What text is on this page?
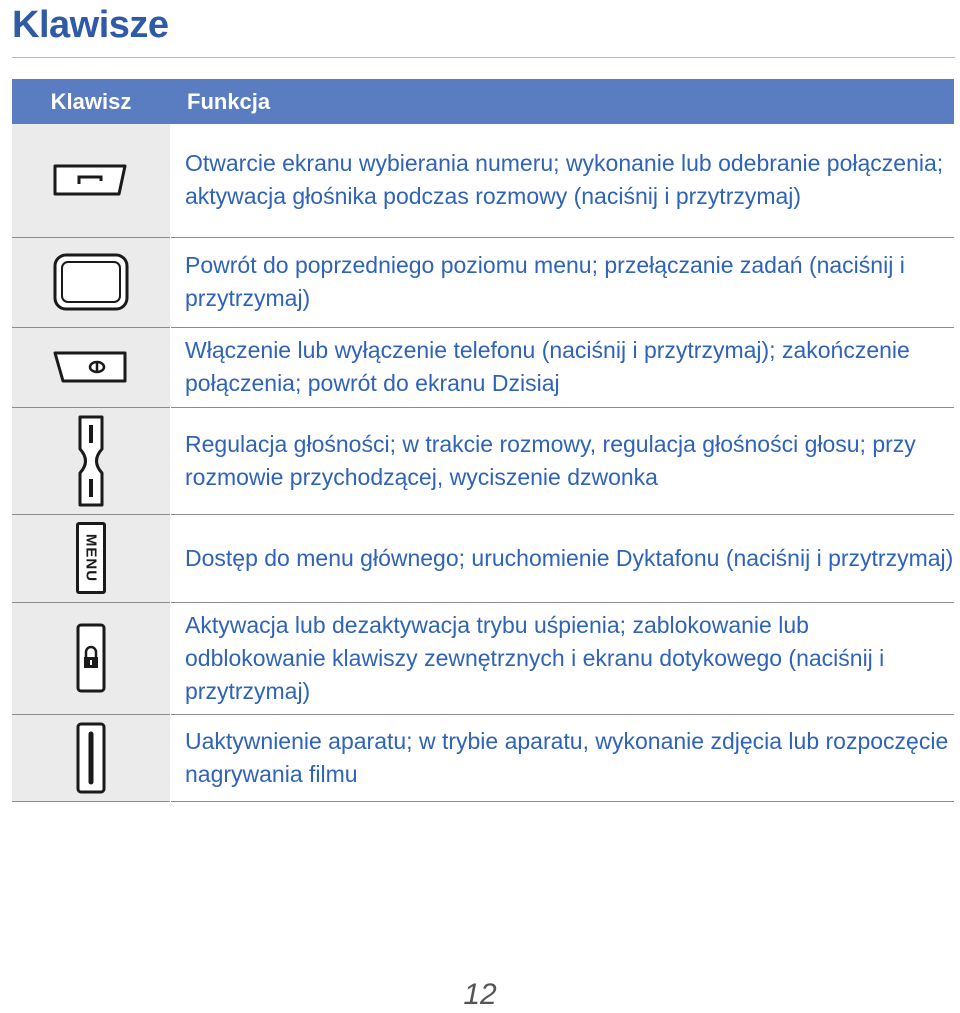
Klawisze
Klawisz		Funkcja

		Otwarcie ekranu wybierania numeru; wykonanie lub odebranie połączenia; aktywacja głośnika podczas rozmowy (naciśnij i przytrzymaj)

		Powrót do poprzedniego poziomu menu; przełączanie zadań (naciśnij i przytrzymaj)

		Włączenie lub wyłączenie telefonu (naciśnij i przytrzymaj); zakończenie połączenia; powrót do ekranu Dzisiaj

		Regulacja głośności; w trakcie rozmowy, regulacja głośności głosu; przy rozmowie przychodzącej, wyciszenie dzwonka

MENU		Dostęp do menu głównego; uruchomienie Dyktafonu (naciśnij i przytrzymaj)

		Aktywacja lub dezaktywacja trybu uśpienia; zablokowanie lub odblokowanie klawiszy zewnętrznych i ekranu dotykowego (naciśnij i przytrzymaj)

		Uaktywnienie aparatu; w trybie aparatu, wykonanie zdjęcia lub rozpoczęcie nagrywania filmu
12
